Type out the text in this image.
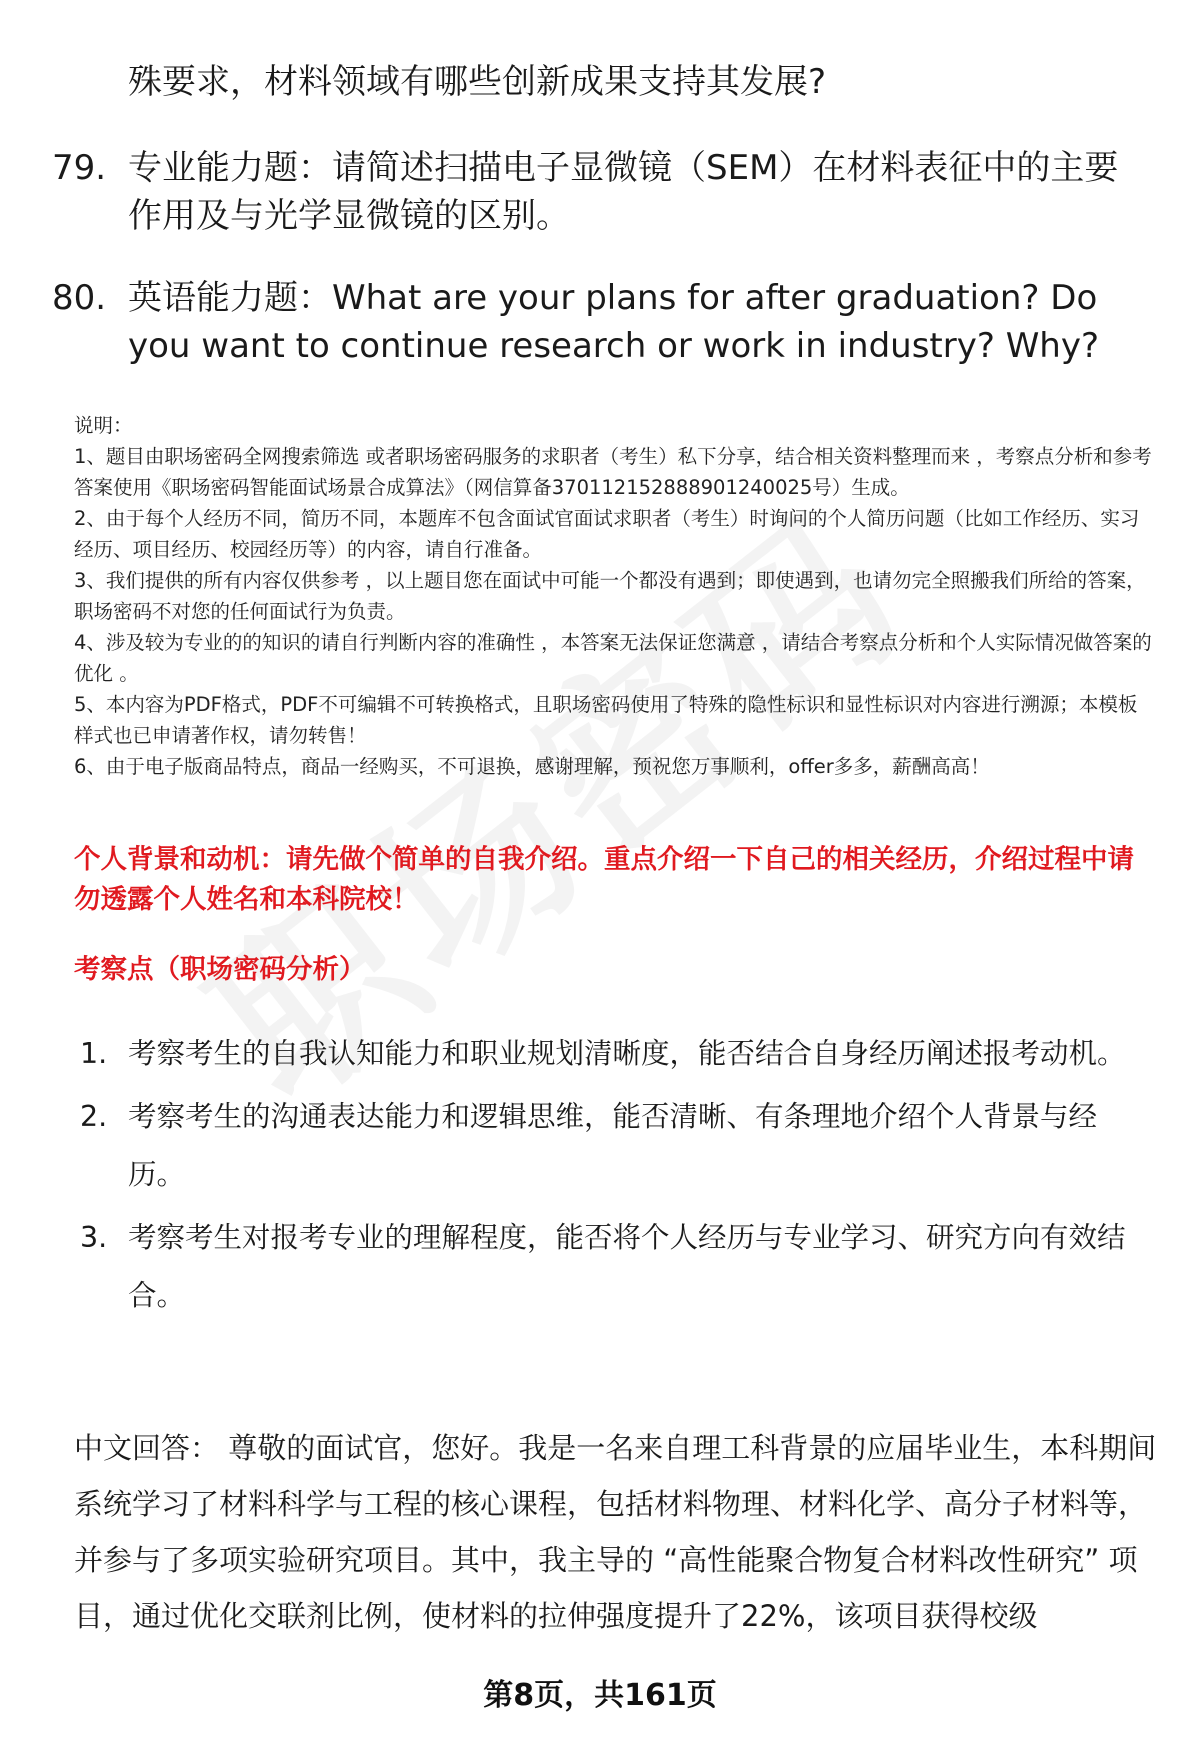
殊要求，材料领域有哪些创新成果支持其发展?
79. 专业能力题：请简述扫描电子显微镜（SEM）在材料表征中的主要作用及与光学显微镜的区别。
80. 英语能力题：What are your plans for after graduation? Do you want to continue research or work in industry? Why?

说明：

1、题目由职场密码全网搜索筛选 或者职场密码服务的求职者（考生）私下分享，结合相关资料整理而来 ，考察点分析和参考答案使用《职场密码智能面试场景合成算法》（网信算备370112152888901240025号）生成。

2、由于每个人经历不同，简历不同，本题库不包含面试官面试求职者（考生）时询问的个人简历问题（比如工作经历、实习经历、项目经历、校园经历等）的内容，请自行准备。

3、我们提供的所有内容仅供参考 ，以上题目您在面试中可能一个都没有遇到；即使遇到，也请勿完全照搬我们所给的答案，职场密码不对您的任何面试行为负责。

4、涉及较为专业的的知识的请自行判断内容的准确性 ，本答案无法保证您满意 ，请结合考察点分析和个人实际情况做答案的优化 。

5、本内容为PDF格式，PDF不可编辑不可转换格式，且职场密码使用了特殊的隐性标识和显性标识对内容进行溯源；本模板样式也已申请著作权，请勿转售！

6、由于电子版商品特点，商品一经购买，不可退换，感谢理解，预祝您万事顺利，offer多多，薪酬高高！

个人背景和动机：请先做个简单的自我介绍。重点介绍一下自己的相关经历，介绍过程中请勿透露个人姓名和本科院校！
考察点（职场密码分析）
1. 考察考生的自我认知能力和职业规划清晰度，能否结合自身经历阐述报考动机。
2. 考察考生的沟通表达能力和逻辑思维，能否清晰、有条理地介绍个人背景与经历。
3. 考察考生对报考专业的理解程度，能否将个人经历与专业学习、研究方向有效结合。
中文回答： 尊敬的面试官，您好。我是一名来自理工科背景的应届毕业生，本科期间系统学习了材料科学与工程的核心课程，包括材料物理、材料化学、高分子材料等，并参与了多项实验研究项目。其中，我主导的 “高性能聚合物复合材料改性研究” 项目，通过优化交联剂比例，使材料的拉伸强度提升了22%，该项目获得校级
第8页，共161页
